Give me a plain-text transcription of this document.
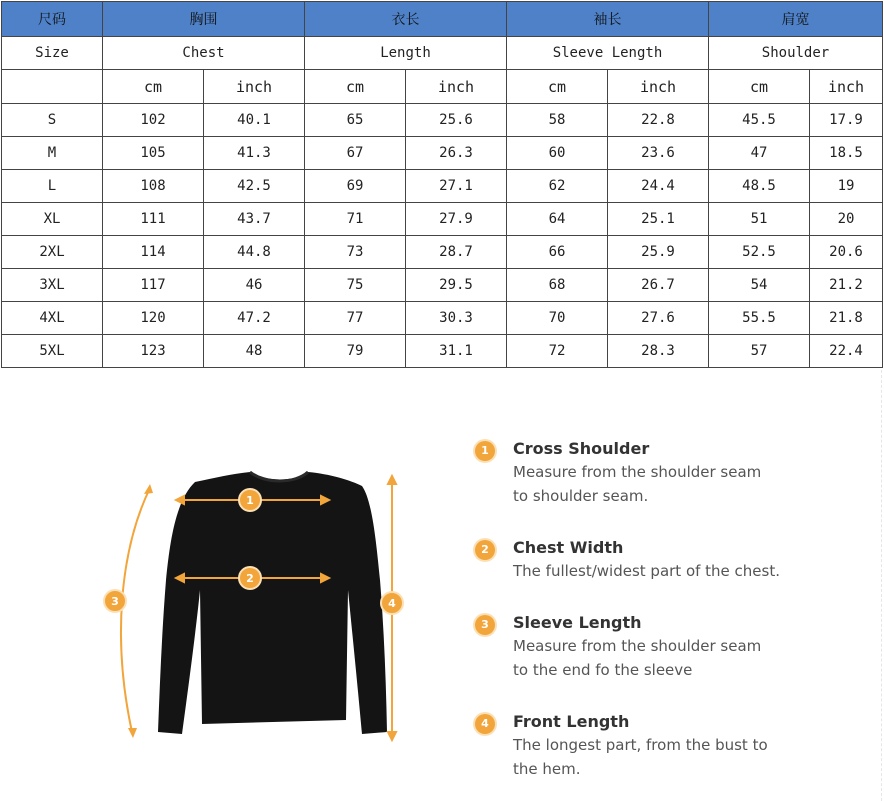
尺码	胸围		衣长		袖长		肩宽	
Size	Chest		Length		Sleeve Length		Shoulder	
	cm	inch	cm	inch	cm	inch	cm	inch
S	102	40.1	65	25.6	58	22.8	45.5	17.9
M	105	41.3	67	26.3	60	23.6	47	18.5
L	108	42.5	69	27.1	62	24.4	48.5	19
XL	111	43.7	71	27.9	64	25.1	51	20
2XL	114	44.8	73	28.7	66	25.9	52.5	20.6
3XL	117	46	75	29.5	68	26.7	54	21.2
4XL	120	47.2	77	30.3	70	27.6	55.5	21.8
5XL	123	48	79	31.1	72	28.3	57	22.4
1
2
3	4
1	Cross Shoulder
Measure from the shoulder seam
to shoulder seam.
2	Chest Width
The fullest/widest part of the chest.
3	Sleeve Length
Measure from the shoulder seam
to the end fo the sleeve
4	Front Length
The longest part, from the bust to
the hem.
